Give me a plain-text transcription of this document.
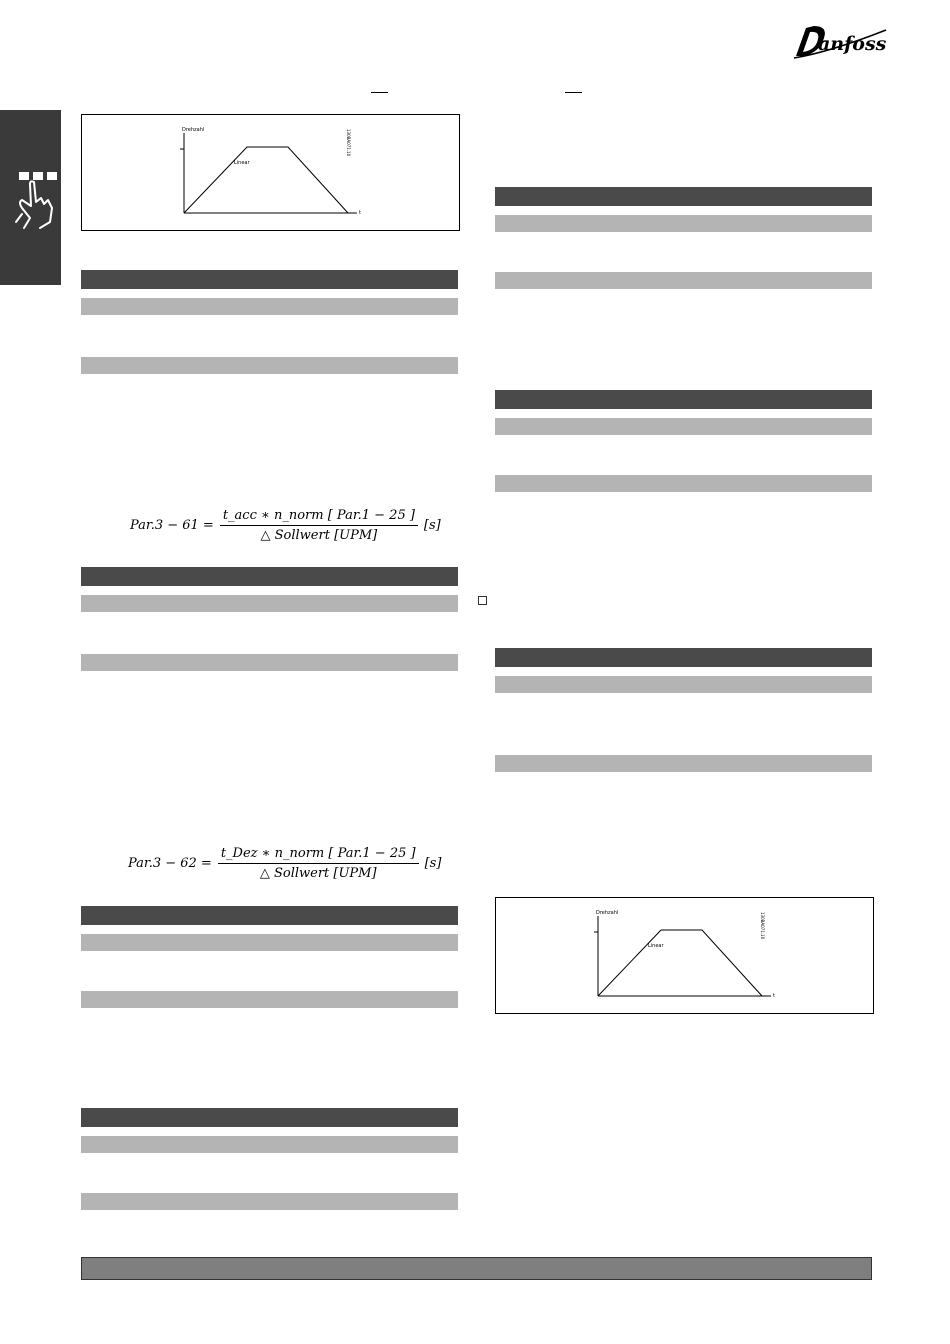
anfoss
Drehzahl
Linear
t
130BA071.10
$Par.3 - 61 = \frac{\text{t\_acc ∗ n\_norm [ Par.1 − 25 ]}}{\text{△ Sollwert [UPM]}} [s]$
$Par.3 - 62 = \frac{\text{t\_Dez ∗ n\_norm [ Par.1 − 25 ]}}{\text{△ Sollwert [UPM]}} [s]$
Drehzahl
Linear
t
130BA071.10
